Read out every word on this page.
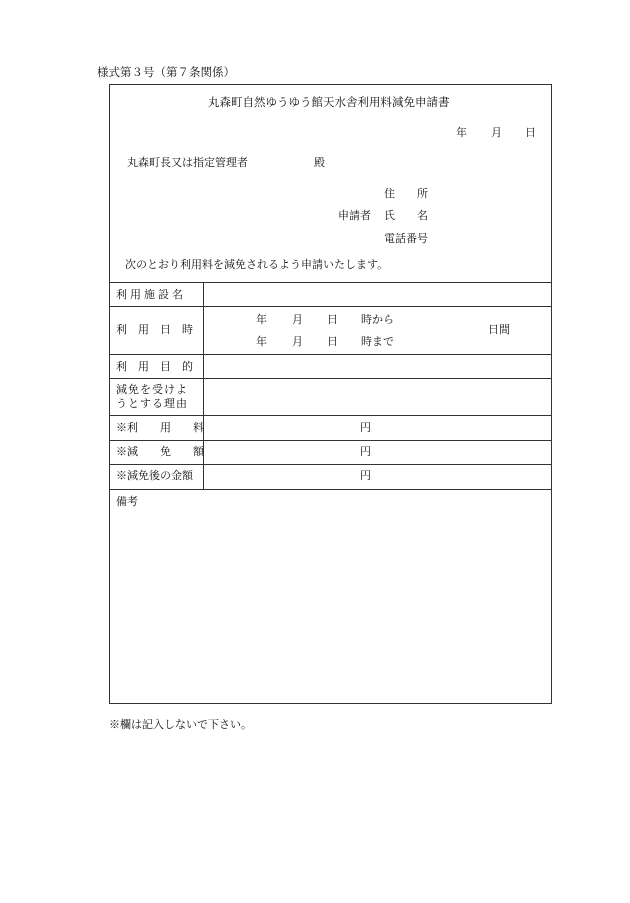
様式第３号（第７条関係）
丸森町自然ゆうゆう館天水舎利用料減免申請書
年 月 日
丸森町長又は指定管理者	殿
住　　所
申請者 氏　　名
電話番号
次のとおり利用料を減免されるよう申請いたします。
利用施設名
利　用　日　時
年 月 日 時から
年 月 日 時まで
日間
利　用　目　的
減免を受けよ
うとする理由
※利　　用　　料	円
※減　　免　　額	円
※減免後の金額	円
備考
※欄は記入しないで下さい。
